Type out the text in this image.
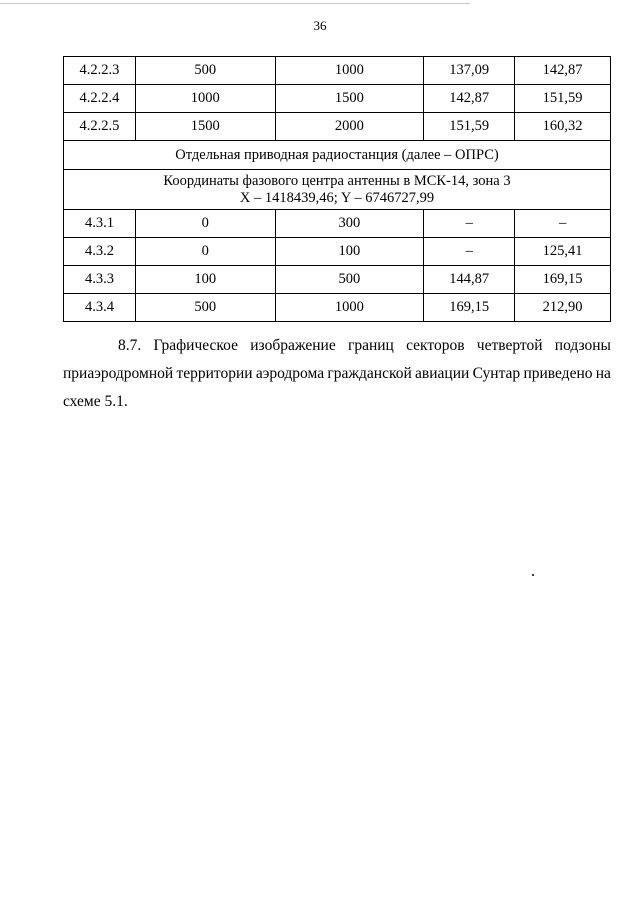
36
4.2.2.3	500	1000	137,09	142,87
4.2.2.4	1000	1500	142,87	151,59
4.2.2.5	1500	2000	151,59	160,32
Отдельная приводная радиостанция (далее – ОПРС)				

Координаты фазового центра антенны в МСК-14, зона 3
X – 1418439,46; Y – 6746727,99				

4.3.1	0	300	–	–
4.3.2	0	100	–	125,41
4.3.3	100	500	144,87	169,15
4.3.4	500	1000	169,15	212,90
8.7. Графическое изображение границ секторов четвертой подзоны
приаэродромной территории аэродрома гражданской авиации Сунтар приведено на
схеме 5.1.
